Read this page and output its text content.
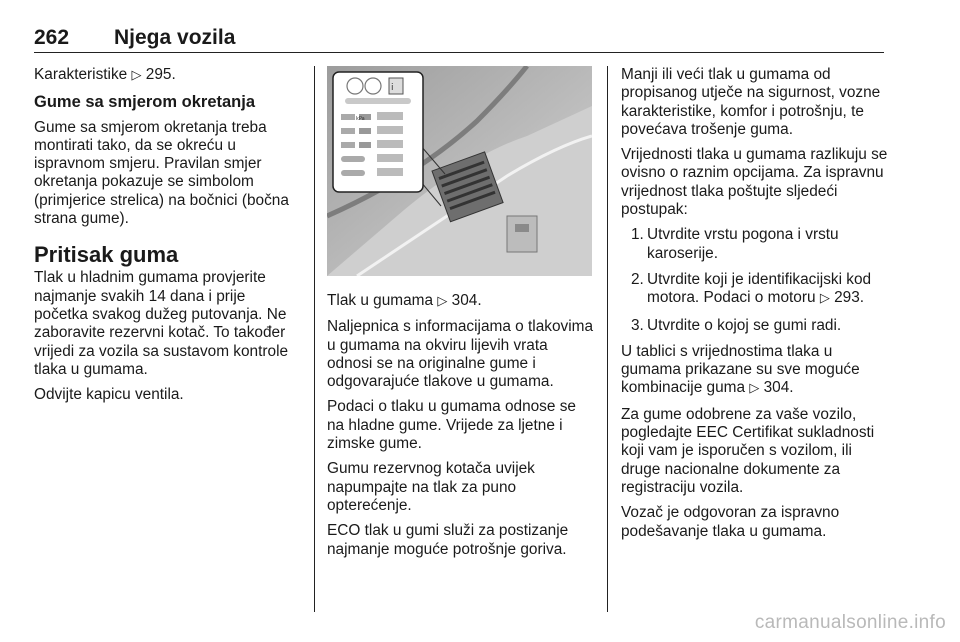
262 Njega vozila

Karakteristike ▷ 295.

Gume sa smjerom okretanja

Gume sa smjerom okretanja treba montirati tako, da se okreću u ispravnom smjeru. Pravilan smjer okretanja pokazuje se simbolom (primjerice strelica) na bočnici (bočna strana gume).

Pritisak guma

Tlak u hladnim gumama provjerite najmanje svakih 14 dana i prije početka svakog dužeg putovanja. Ne zaboravite rezervni kotač. To također vrijedi za vozila sa sustavom kontrole tlaka u gumama.

Odvijte kapicu ventila.

i
kPa

Tlak u gumama ▷ 304.

Naljepnica s informacijama o tlakovima u gumama na okviru lijevih vrata odnosi se na originalne gume i odgovarajuće tlakove u gumama.

Podaci o tlaku u gumama odnose se na hladne gume. Vrijede za ljetne i zimske gume.

Gumu rezervnog kotača uvijek napumpajte na tlak za puno opterećenje.

ECO tlak u gumi služi za postizanje najmanje moguće potrošnje goriva.

Manji ili veći tlak u gumama od propisanog utječe na sigurnost, vozne karakteristike, komfor i potrošnju, te povećava trošenje guma.

Vrijednosti tlaka u gumama razlikuju se ovisno o raznim opcijama. Za ispravnu vrijednost tlaka poštujte sljedeći postupak:

1. Utvrdite vrstu pogona i vrstu karoserije.
2. Utvrdite koji je identifikacijski kod motora. Podaci o motoru ▷ 293.
3. Utvrdite o kojoj se gumi radi.

U tablici s vrijednostima tlaka u gumama prikazane su sve moguće kombinacije guma ▷ 304.

Za gume odobrene za vaše vozilo, pogledajte EEC Certifikat sukladnosti koji vam je isporučen s vozilom, ili druge nacionalne dokumente za registraciju vozila.

Vozač je odgovoran za ispravno podešavanje tlaka u gumama.

carmanualsonline.info
